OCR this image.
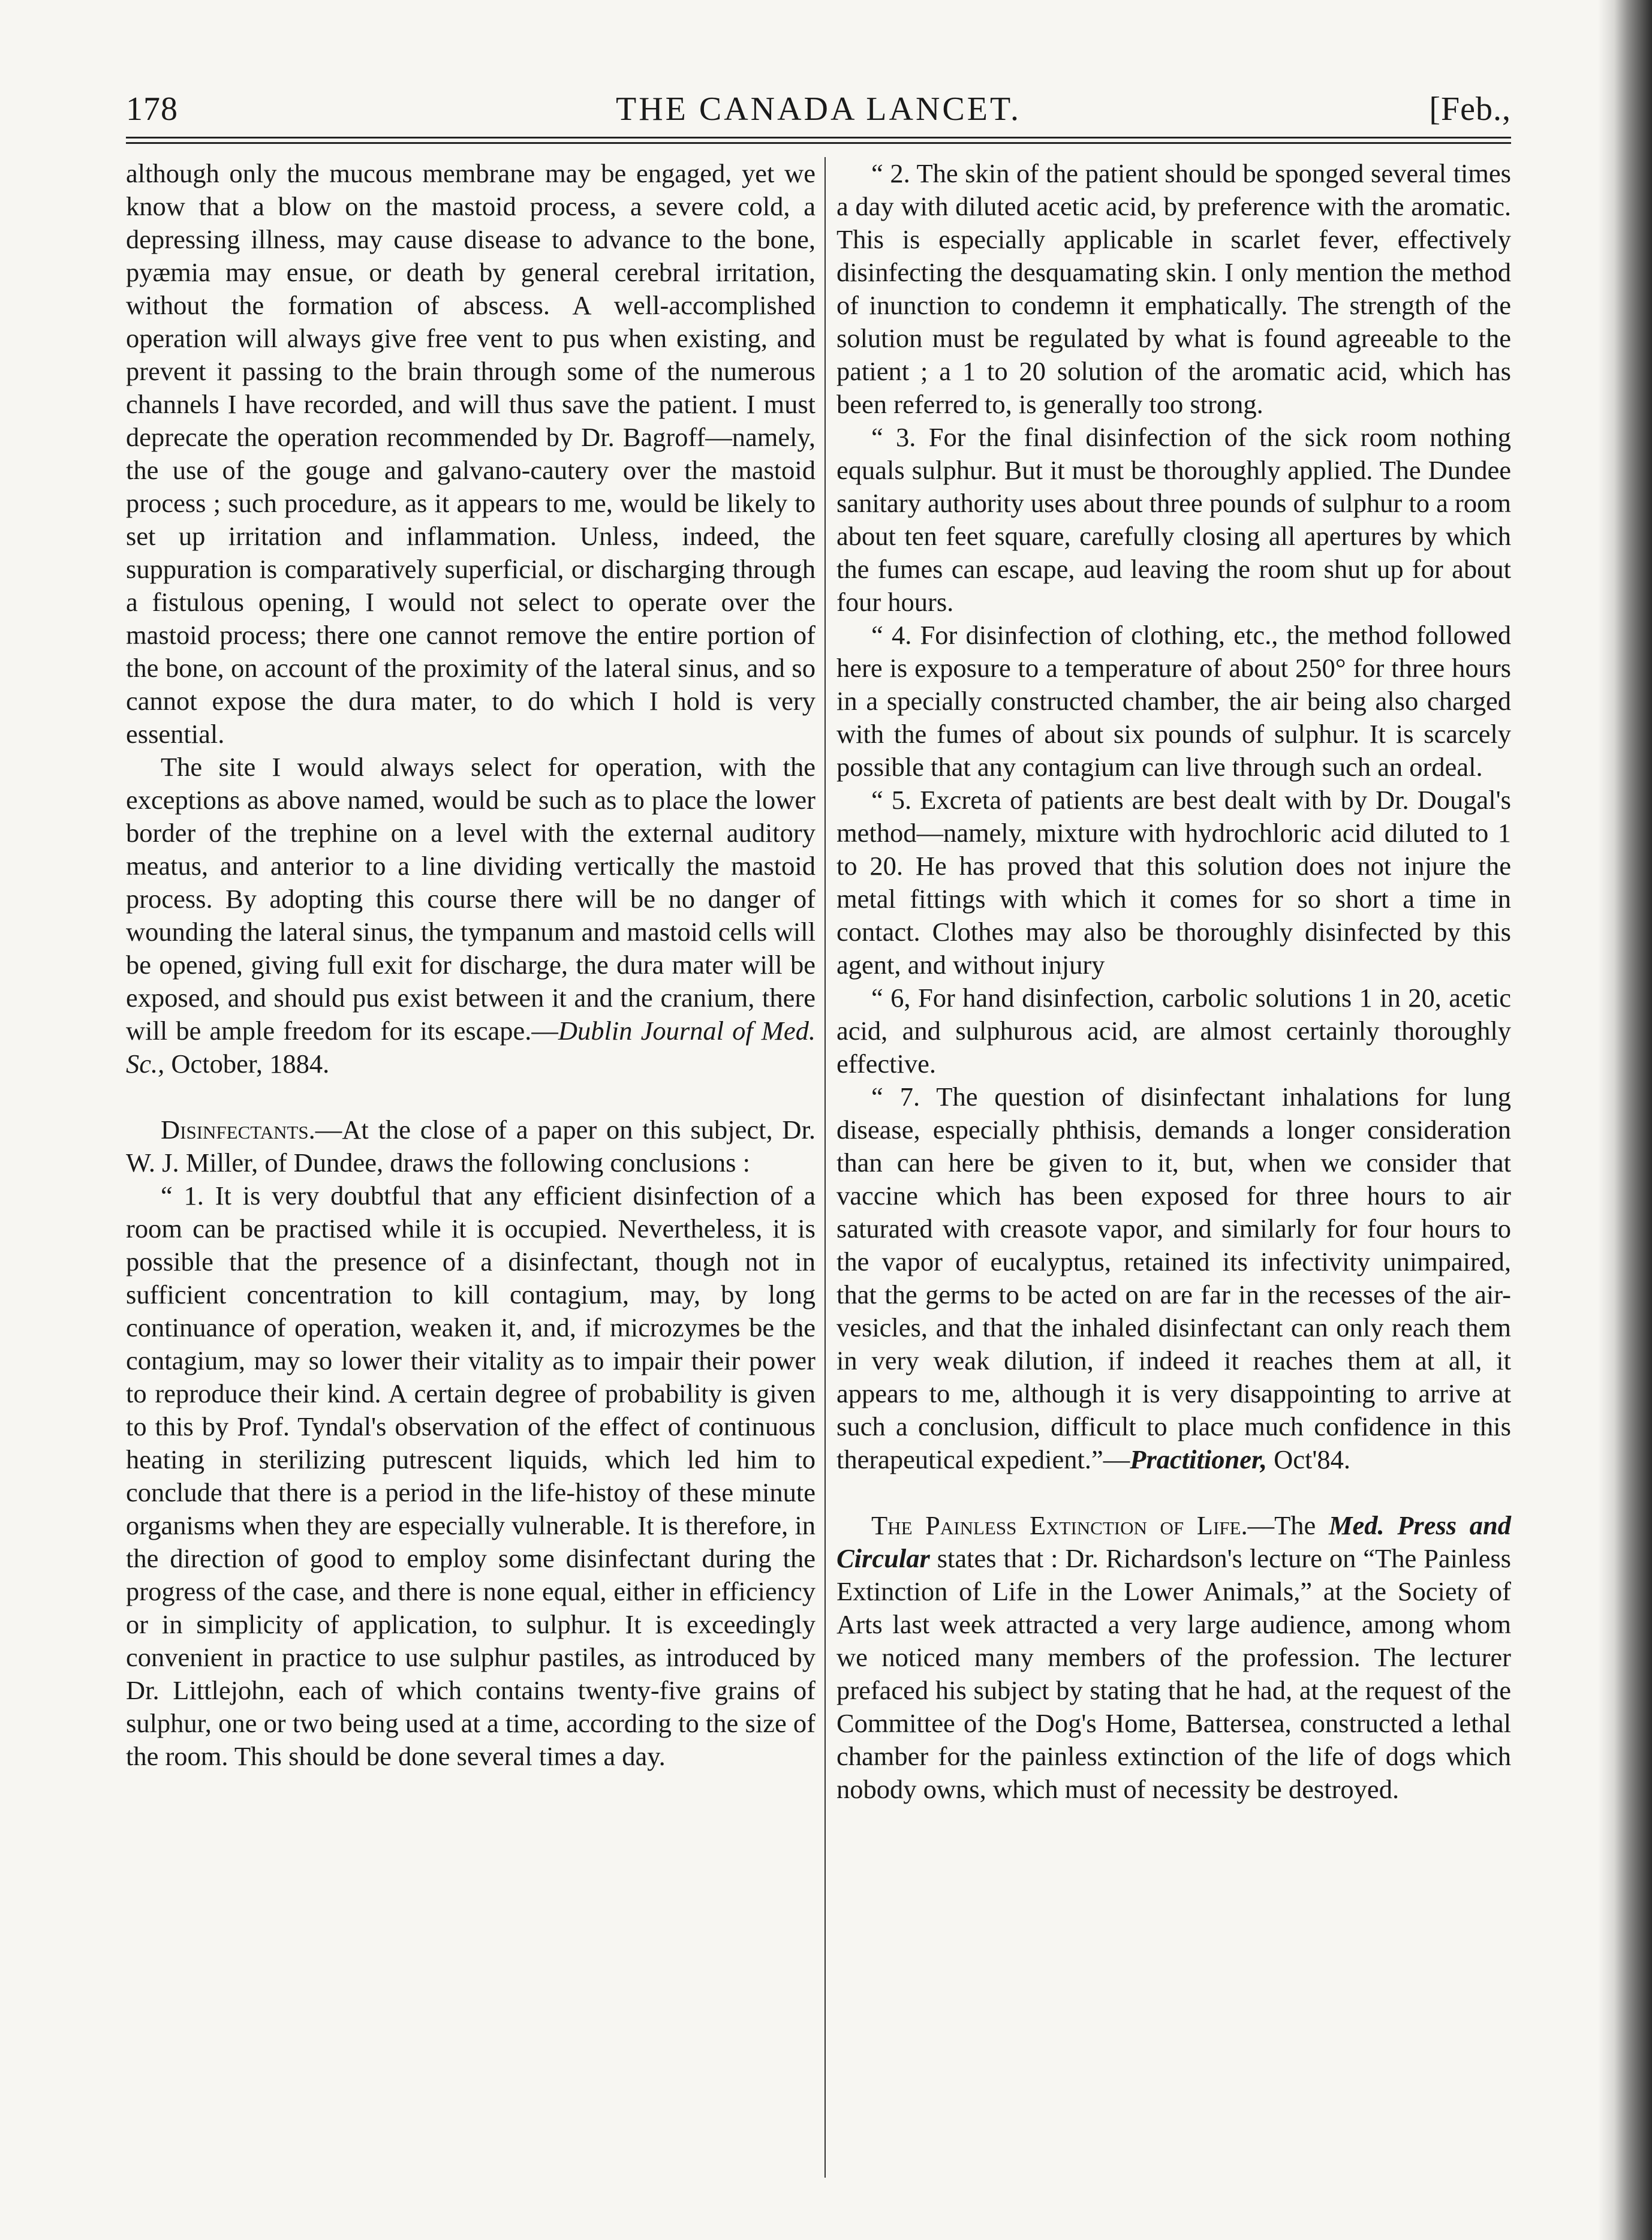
178	THE CANADA LANCET.	[Feb.,

although only the mucous membrane may be engaged, yet we know that a blow on the mastoid process, a severe cold, a depressing illness, may cause disease to advance to the bone, pyæmia may ensue, or death by general cerebral irritation, without the formation of abscess. A well-accomplished operation will always give free vent to pus when existing, and prevent it passing to the brain through some of the numerous channels I have recorded, and will thus save the patient. I must deprecate the operation recommended by Dr. Bagroff—namely, the use of the gouge and galvano-cautery over the mastoid process ; such procedure, as it appears to me, would be likely to set up irritation and inflammation. Unless, indeed, the suppuration is comparatively superficial, or discharging through a fistulous opening, I would not select to operate over the mastoid process; there one cannot remove the entire portion of the bone, on account of the proximity of the lateral sinus, and so cannot expose the dura mater, to do which I hold is very essential.

The site I would always select for operation, with the exceptions as above named, would be such as to place the lower border of the trephine on a level with the external auditory meatus, and anterior to a line dividing vertically the mastoid process. By adopting this course there will be no danger of wounding the lateral sinus, the tympanum and mastoid cells will be opened, giving full exit for discharge, the dura mater will be exposed, and should pus exist between it and the cranium, there will be ample freedom for its escape.—Dublin Journal of Med. Sc., October, 1884.

Disinfectants.—At the close of a paper on this subject, Dr. W. J. Miller, of Dundee, draws the following conclusions :

“ 1. It is very doubtful that any efficient disinfection of a room can be practised while it is occupied. Nevertheless, it is possible that the presence of a disinfectant, though not in sufficient concentration to kill contagium, may, by long continuance of operation, weaken it, and, if microzymes be the contagium, may so lower their vitality as to impair their power to reproduce their kind. A certain degree of probability is given to this by Prof. Tyndal's observation of the effect of continuous heating in sterilizing putrescent liquids, which led him to conclude that there is a period in the life-histoy of these minute organisms when they are especially vulnerable. It is therefore, in the direction of good to employ some disinfectant during the progress of the case, and there is none equal, either in efficiency or in simplicity of application, to sulphur. It is exceedingly convenient in practice to use sulphur pastiles, as introduced by Dr. Littlejohn, each of which contains twenty-five grains of sulphur, one or two being used at a time, according to the size of the room. This should be done several times a day.

“ 2. The skin of the patient should be sponged several times a day with diluted acetic acid, by preference with the aromatic. This is especially applicable in scarlet fever, effectively disinfecting the desquamating skin. I only mention the method of inunction to condemn it emphatically. The strength of the solution must be regulated by what is found agreeable to the patient ; a 1 to 20 solution of the aromatic acid, which has been referred to, is generally too strong.

“ 3. For the final disinfection of the sick room nothing equals sulphur. But it must be thoroughly applied. The Dundee sanitary authority uses about three pounds of sulphur to a room about ten feet square, carefully closing all apertures by which the fumes can escape, aud leaving the room shut up for about four hours.

“ 4. For disinfection of clothing, etc., the method followed here is exposure to a temperature of about 250° for three hours in a specially constructed chamber, the air being also charged with the fumes of about six pounds of sulphur. It is scarcely possible that any contagium can live through such an ordeal.

“ 5. Excreta of patients are best dealt with by Dr. Dougal's method—namely, mixture with hydrochloric acid diluted to 1 to 20. He has proved that this solution does not injure the metal fittings with which it comes for so short a time in contact. Clothes may also be thoroughly disinfected by this agent, and without injury

“ 6, For hand disinfection, carbolic solutions 1 in 20, acetic acid, and sulphurous acid, are almost certainly thoroughly effective.

“ 7. The question of disinfectant inhalations for lung disease, especially phthisis, demands a longer consideration than can here be given to it, but, when we consider that vaccine which has been exposed for three hours to air saturated with creasote vapor, and similarly for four hours to the vapor of eucalyptus, retained its infectivity unimpaired, that the germs to be acted on are far in the recesses of the air-vesicles, and that the inhaled disinfectant can only reach them in very weak dilution, if indeed it reaches them at all, it appears to me, although it is very disappointing to arrive at such a conclusion, difficult to place much confidence in this therapeutical expedient.”—Practitioner, Oct'84.

The Painless Extinction of Life.—The Med. Press and Circular states that : Dr. Richardson's lecture on “The Painless Extinction of Life in the Lower Animals,” at the Society of Arts last week attracted a very large audience, among whom we noticed many members of the profession. The lecturer prefaced his subject by stating that he had, at the request of the Committee of the Dog's Home, Battersea, constructed a lethal chamber for the painless extinction of the life of dogs which nobody owns, which must of necessity be destroyed.
